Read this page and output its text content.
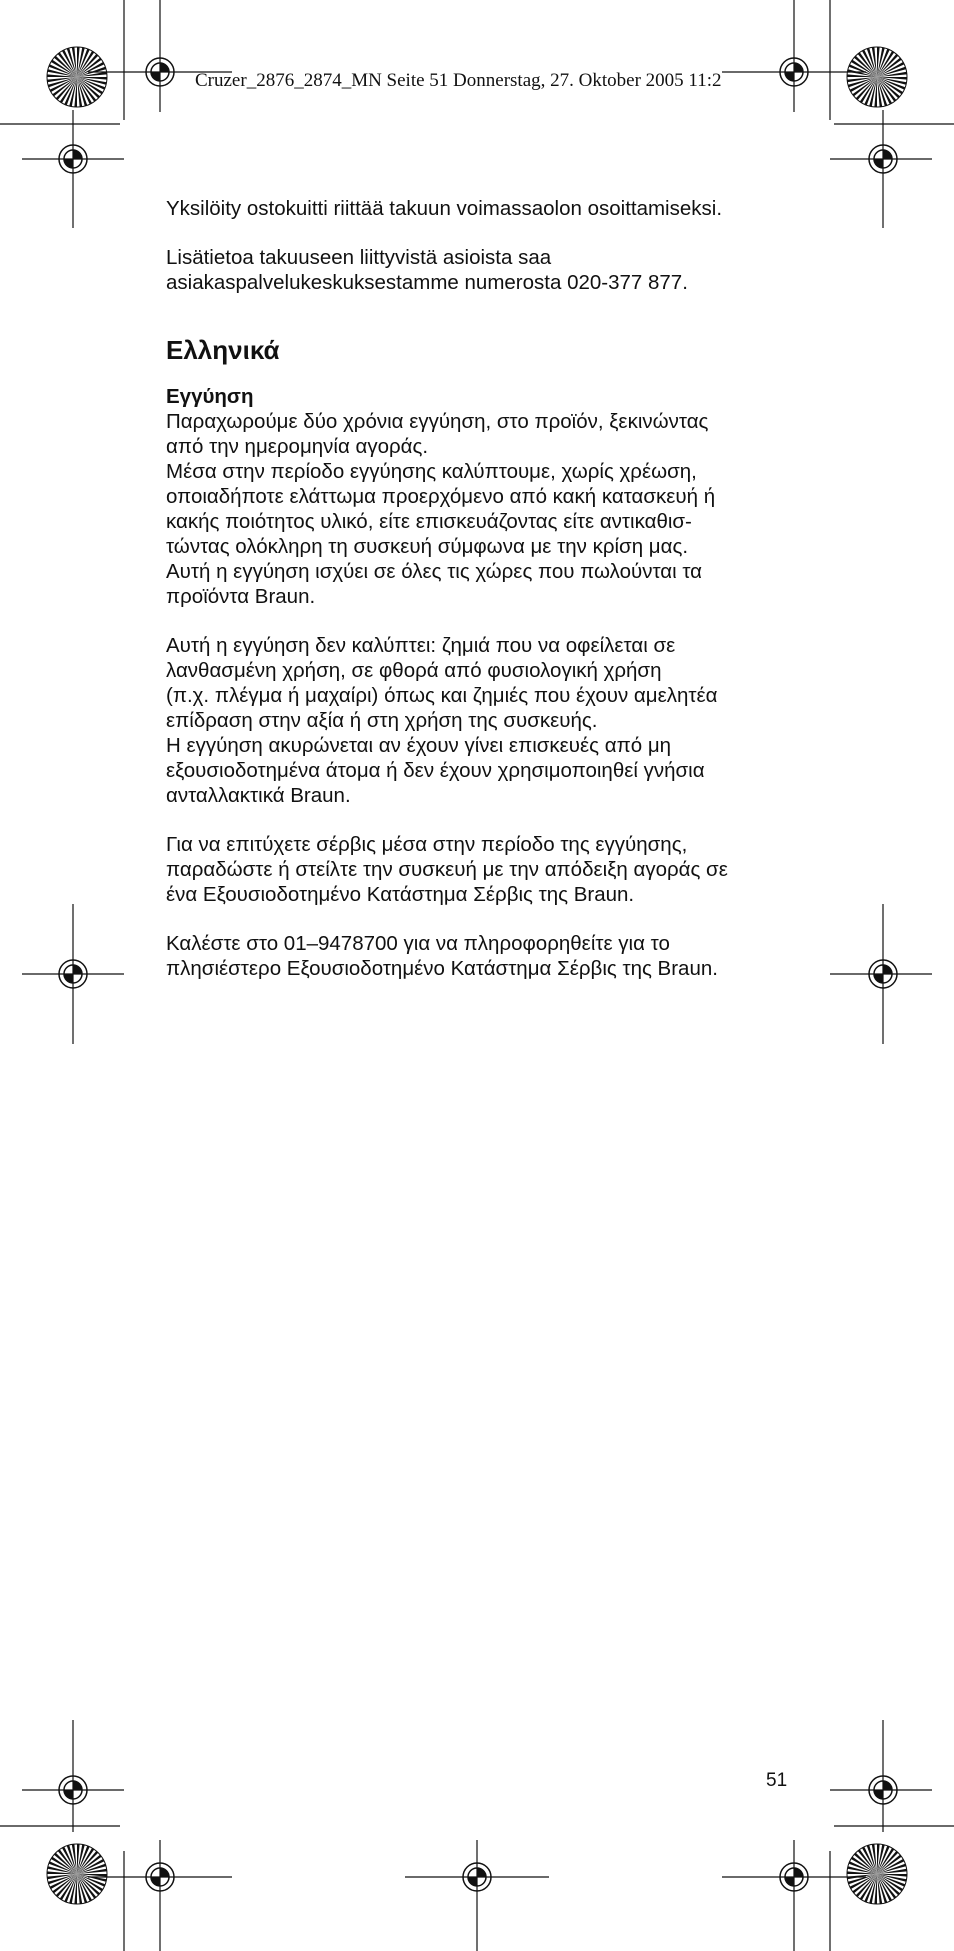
Cruzer_2876_2874_MN Seite 51 Donnerstag, 27. Oktober 2005 11:2

Yksilöity ostokuitti riittää takuun voimassaolon osoittamiseksi.

Lisätietoa takuuseen liittyvistä asioista saa
asiakaspalvelukeskuksestamme numerosta 020-377 877.

Ελληνικά

Εγγύηση

Παραχωρούμε δύο χρόνια εγγύηση, στο προϊόν, ξεκινώντας
από την ημερομηνία αγοράς.
Μέσα στην περίοδο εγγύησης καλύπτουμε, χωρίς χρέωση,
οποιαδήποτε ελάττωμα προερχόμενο από κακή κατασκευή ή
κακής ποιότητος υλικό, είτε επισκευάζοντας είτε αντικαθισ-
τώντας ολόκληρη τη συσκευή σύμφωνα με την κρίση μας.
Αυτή η εγγύηση ισχύει σε όλες τις χώρες που πωλούνται τα
προϊόντα Braun.

Αυτή η εγγύηση δεν καλύπτει: ζημιά που να οφείλεται σε
λανθασμένη χρήση, σε φθορά από φυσιολογική χρήση
(π.χ. πλέγμα ή μαχαίρι) όπως και ζημιές που έχουν αμελητέα
επίδραση στην αξία ή στη χρήση της συσκευής.
Η εγγύηση ακυρώνεται αν έχουν γίνει επισκευές από μη
εξουσιοδοτημένα άτομα ή δεν έχουν χρησιμοποιηθεί γνήσια
ανταλλακτικά Braun.

Για να επιτύχετε σέρβις μέσα στην περίοδο της εγγύησης,
παραδώστε ή στείλτε την συσκευή με την απόδειξη αγοράς σε
ένα Εξουσιοδοτημένο Κατάστημα Σέρβις της Braun.

Καλέστε στο 01–9478700 για να πληροφορηθείτε για το
πλησιέστερο Εξουσιοδοτημένο Κατάστημα Σέρβις της Braun.

51
